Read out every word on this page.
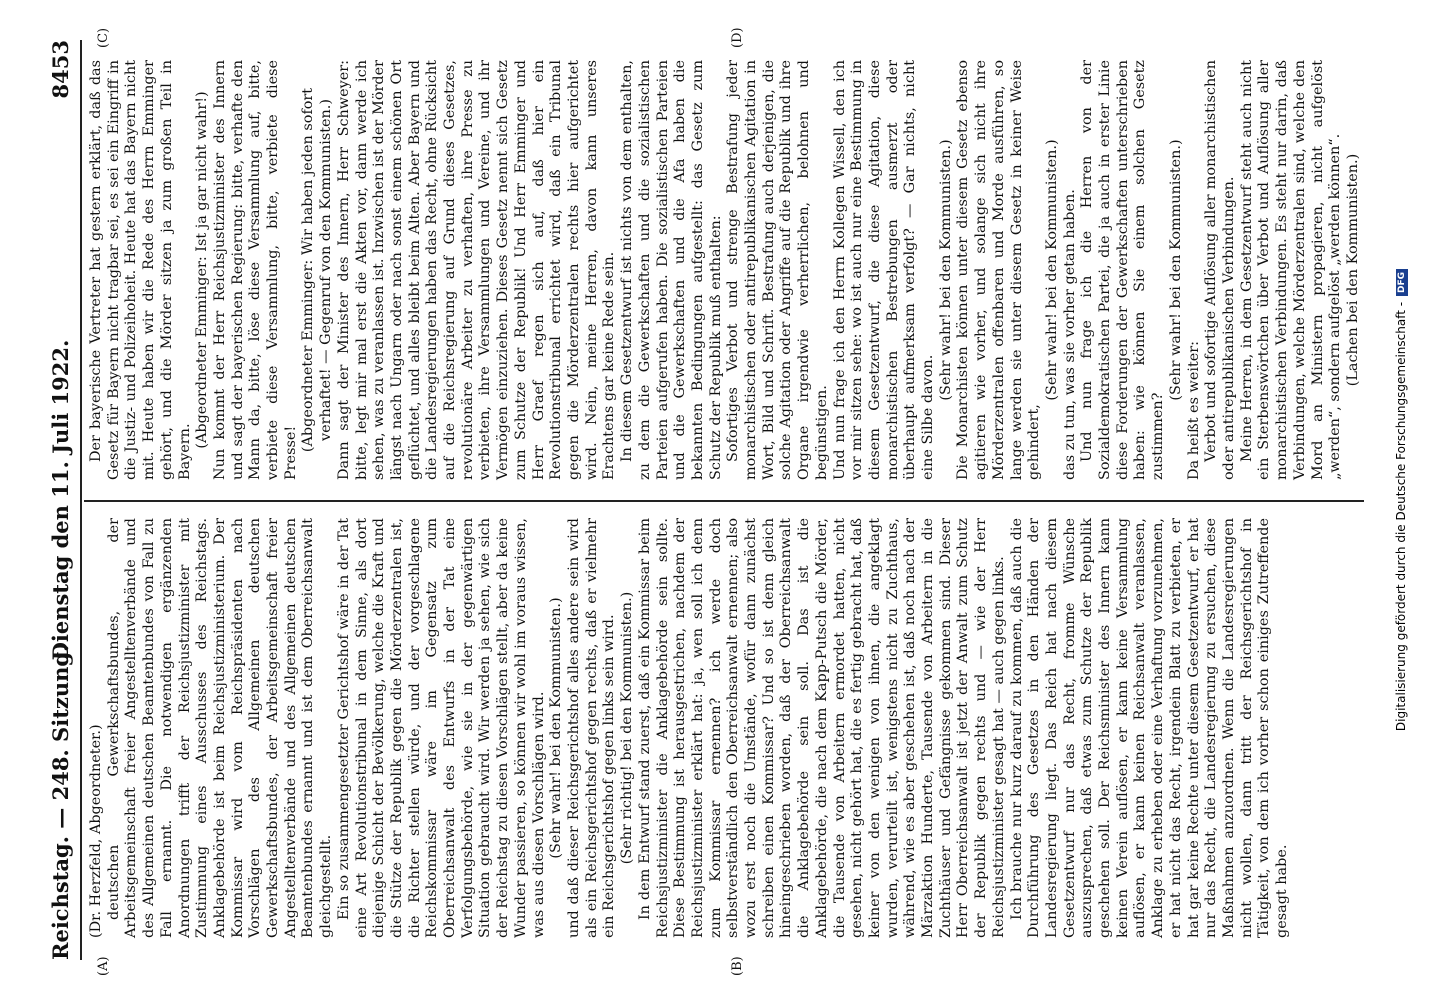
Reichstag. — 248. Sitzung.
Dienstag den 11. Juli 1922.
8453
(A)	(B)
(C)	(D)

(Dr. Herzfeld, Abgeordneter.) deutschen Gewerkschaftsbundes, der Arbeitsgemeinschaft freier Angestelltenverbände und des Allgemeinen deutschen Beamtenbundes von Fall zu Fall ernannt. Die notwendigen ergänzenden Anordnungen trifft der Reichsjustizminister mit Zustimmung eines Ausschusses des Reichstags. Anklagebehörde ist beim Reichsjustizministerium. Der Kommissar wird vom Reichspräsidenten nach Vorschlägen des Allgemeinen deutschen Gewerkschaftsbundes, der Arbeitsgemeinschaft freier Angestelltenverbände und des Allgemeinen deutschen Beamtenbundes ernannt und ist dem Oberreichsanwalt gleichgestellt. Ein so zusammengesetzter Gerichtshof wäre in der Tat eine Art Revolutionstribunal in dem Sinne, als dort diejenige Schicht der Bevölkerung, welche die Kraft und die Stütze der Republik gegen die Mörderzentralen ist, die Richter stellen würde, und der vorgeschlagene Reichskommissar wäre im Gegensatz zum Oberreichsanwalt des Entwurfs in der Tat eine Verfolgungsbehörde, wie sie in der gegenwärtigen Situation gebraucht wird. Wir werden ja sehen, wie sich der Reichstag zu diesen Vorschlägen stellt, aber da keine Wunder passieren, so können wir wohl im voraus wissen, was aus diesen Vorschlägen wird. (Sehr wahr! bei den Kommunisten.) und daß dieser Reichsgerichtshof alles andere sein wird als ein Reichsgerichtshof gegen rechts, daß er vielmehr ein Reichsgerichtshof gegen links sein wird. (Sehr richtig! bei den Kommunisten.) In dem Entwurf stand zuerst, daß ein Kommissar beim Reichsjustizminister die Anklagebehörde sein sollte. Diese Bestimmung ist herausgestrichen, nachdem der Reichsjustizminister erklärt hat: ja, wen soll ich denn zum Kommissar ernennen? ich werde doch selbstverständlich den Oberreichsanwalt ernennen; also wozu erst noch die Umstände, wofür dann zunächst schreiben einen Kommissar? Und so ist denn gleich hineingeschrieben worden, daß der Oberreichsanwalt die Anklagebehörde sein soll. Das ist die Anklagebehörde, die nach dem Kapp-Putsch die Mörder, die Tausende von Arbeitern ermordet hatten, nicht gesehen, nicht gehört hat, die es fertig gebracht hat, daß keiner von den wenigen von ihnen, die angeklagt wurden, verurteilt ist, wenigstens nicht zu Zuchthaus, während, wie es aber geschehen ist, daß noch nach der Märzaktion Hunderte, Tausende von Arbeitern in die Zuchthäuser und Gefängnisse gekommen sind. Dieser Herr Oberreichsanwalt ist jetzt der Anwalt zum Schutz der Republik gegen rechts und — wie der Herr Reichsjustizminister gesagt hat — auch gegen links. Ich brauche nur kurz darauf zu kommen, daß auch die Durchführung des Gesetzes in den Händen der Landesregierung liegt. Das Reich hat nach diesem Gesetzentwurf nur das Recht, fromme Wünsche auszusprechen, daß etwas zum Schutze der Republik geschehen soll. Der Reichsminister des Innern kann keinen Verein auflösen, er kann keine Versammlung auflösen, er kann keinen Reichsanwalt veranlassen, Anklage zu erheben oder eine Verhaftung vorzunehmen, er hat nicht das Recht, irgendein Blatt zu verbieten, er hat gar keine Rechte unter diesem Gesetzentwurf, er hat nur das Recht, die Landesregierung zu ersuchen, diese Maßnahmen anzuordnen. Wenn die Landesregierungen nicht wollen, dann tritt der Reichsgerichtshof in Tätigkeit, von dem ich vorher schon einiges Zutreffende gesagt habe.

Der bayerische Vertreter hat gestern erklärt, daß das Gesetz für Bayern nicht tragbar sei, es sei ein Eingriff in die Justiz- und Polizeihoheit. Heute hat das Bayern nicht mit. Heute haben wir die Rede des Herrn Emminger gehört, und die Mörder sitzen ja zum großen Teil in Bayern.

(Abgeordneter Emminger: Ist ja gar nicht wahr!) Nun kommt der Herr Reichsjustizminister des Innern und sagt der bayerischen Regierung: bitte, verhafte den Mann da, bitte, löse diese Versammlung auf, bitte, verbiete diese Versammlung, bitte, verbiete diese Presse!

(Abgeordneter Emminger: Wir haben jeden sofort verhaftet! — Gegenruf von den Kommunisten.) Dann sagt der Minister des Innern, Herr Schweyer: bitte, legt mir mal erst die Akten vor, dann werde ich sehen, was zu veranlassen ist. Inzwischen ist der Mörder längst nach Ungarn oder nach sonst einem schönen Ort geflüchtet, und alles bleibt beim Alten. Aber Bayern und die Landesregierungen haben das Recht, ohne Rücksicht auf die Reichsregierung auf Grund dieses Gesetzes, revolutionäre Arbeiter zu verhaften, ihre Presse zu verbieten, ihre Versammlungen und Vereine, und ihr Vermögen einzuziehen. Dieses Gesetz nennt sich Gesetz zum Schutze der Republik! Und Herr Emminger und Herr Graef regen sich auf, daß hier ein Revolutionstribunal errichtet wird, daß ein Tribunal gegen die Mörderzentralen rechts hier aufgerichtet wird. Nein, meine Herren, davon kann unseres Erachtens gar keine Rede sein. In diesem Gesetzentwurf ist nichts von dem enthalten, zu dem die Gewerkschaften und die sozialistischen Parteien aufgerufen haben. Die sozialistischen Parteien und die Gewerkschaften und die Afa haben die bekannten Bedingungen aufgestellt: das Gesetz zum Schutz der Republik muß enthalten: Sofortiges Verbot und strenge Bestrafung jeder monarchistischen oder antirepublikanischen Agitation in Wort, Bild und Schrift. Bestrafung auch derjenigen, die solche Agitation oder Angriffe auf die Republik und ihre Organe irgendwie verherrlichen, belohnen und begünstigen. Und nun frage ich den Herrn Kollegen Wissell, den ich vor mir sitzen sehe: wo ist auch nur eine Bestimmung in diesem Gesetzentwurf, die diese Agitation, diese monarchistischen Bestrebungen ausmerzt oder überhaupt aufmerksam verfolgt? — Gar nichts, nicht eine Silbe davon.

(Sehr wahr! bei den Kommunisten.) Die Monarchisten können unter diesem Gesetz ebenso agitieren wie vorher, und solange sich nicht ihre Mörderzentralen offenbaren und Morde ausführen, so lange werden sie unter diesem Gesetz in keiner Weise gehindert,

(Sehr wahr! bei den Kommunisten.) das zu tun, was sie vorher getan haben. Und nun frage ich die Herren von der Sozialdemokratischen Partei, die ja auch in erster Linie diese Forderungen der Gewerkschaften unterschrieben haben: wie können Sie einem solchen Gesetz zustimmen?

(Sehr wahr! bei den Kommunisten.)

Da heißt es weiter: Verbot und sofortige Auflösung aller monarchistischen oder antirepublikanischen Verbindungen. Meine Herren, in dem Gesetzentwurf steht auch nicht ein Sterbenswörtchen über Verbot und Auflösung aller monarchistischen Verbindungen. Es steht nur darin, daß Verbindungen, welche Mörderzentralen sind, welche den Mord an Ministern propagieren, nicht aufgelöst „werden“, sondern aufgelöst „werden können“. (Lachen bei den Kommunisten.)

Digitalisierung gefördert durch die Deutsche Forschungsgemeinschaft -DFG
